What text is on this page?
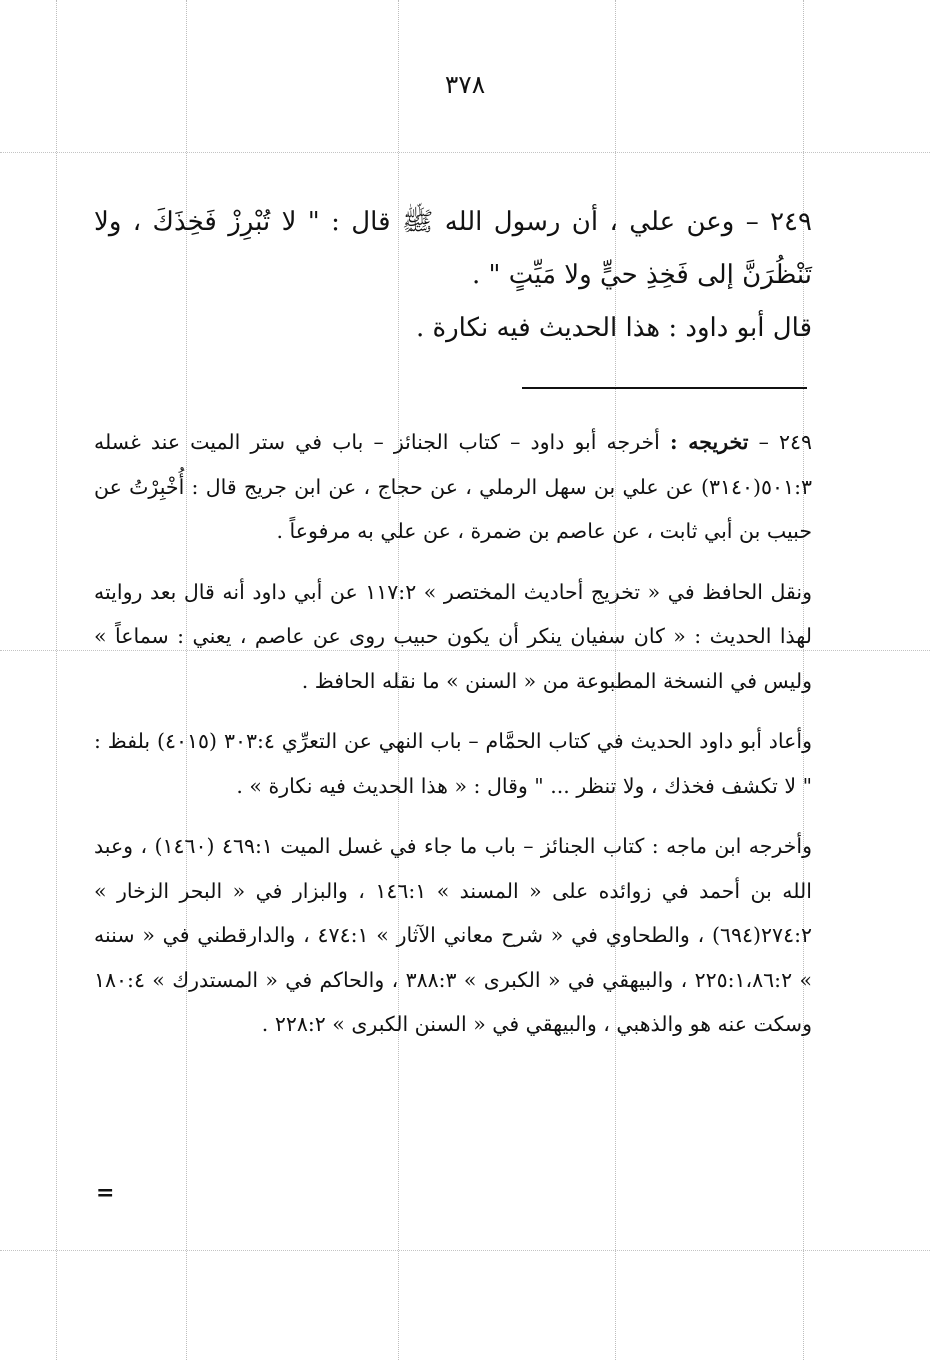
٣٧٨

٢٤٩ – وعن علي ، أن رسول الله ﷺ قال : " لا تُبْرِزْ فَخِذَكَ ، ولا تَنْظُرَنَّ إلى فَخِذِ حيٍّ ولا مَيِّتٍ " .

قال أبو داود : هذا الحديث فيه نكارة .

٢٤٩ – تخريجه : أخرجه أبو داود – كتاب الجنائز – باب في ستر الميت عند غسله ٥٠١:٣(٣١٤٠) عن علي بن سهل الرملي ، عن حجاج ، عن ابن جريج قال : أُخْبِرْتُ عن حبيب بن أبي ثابت ، عن عاصم بن ضمرة ، عن علي به مرفوعاً .

ونقل الحافظ في « تخريج أحاديث المختصر » ١١٧:٢ عن أبي داود أنه قال بعد روايته لهذا الحديث : « كان سفيان ينكر أن يكون حبيب روى عن عاصم ، يعني : سماعاً » وليس في النسخة المطبوعة من « السنن » ما نقله الحافظ .

وأعاد أبو داود الحديث في كتاب الحمَّام – باب النهي عن التعرِّي ٣٠٣:٤ (٤٠١٥) بلفظ : " لا تكشف فخذك ، ولا تنظر ... " وقال : « هذا الحديث فيه نكارة » .

وأخرجه ابن ماجه : كتاب الجنائز – باب ما جاء في غسل الميت ٤٦٩:١ (١٤٦٠) ، وعبد الله بن أحمد في زوائده على « المسند » ١٤٦:١ ، والبزار في « البحر الزخار » ٢٧٤:٢(٦٩٤) ، والطحاوي في « شرح معاني الآثار » ٤٧٤:١ ، والدارقطني في « سننه » ٢٢٥:١،٨٦:٢ ، والبيهقي في « الكبرى » ٣٨٨:٣ ، والحاكم في « المستدرك » ١٨٠:٤ وسكت عنه هو والذهبي ، والبيهقي في « السنن الكبرى » ٢٢٨:٢ .

=
